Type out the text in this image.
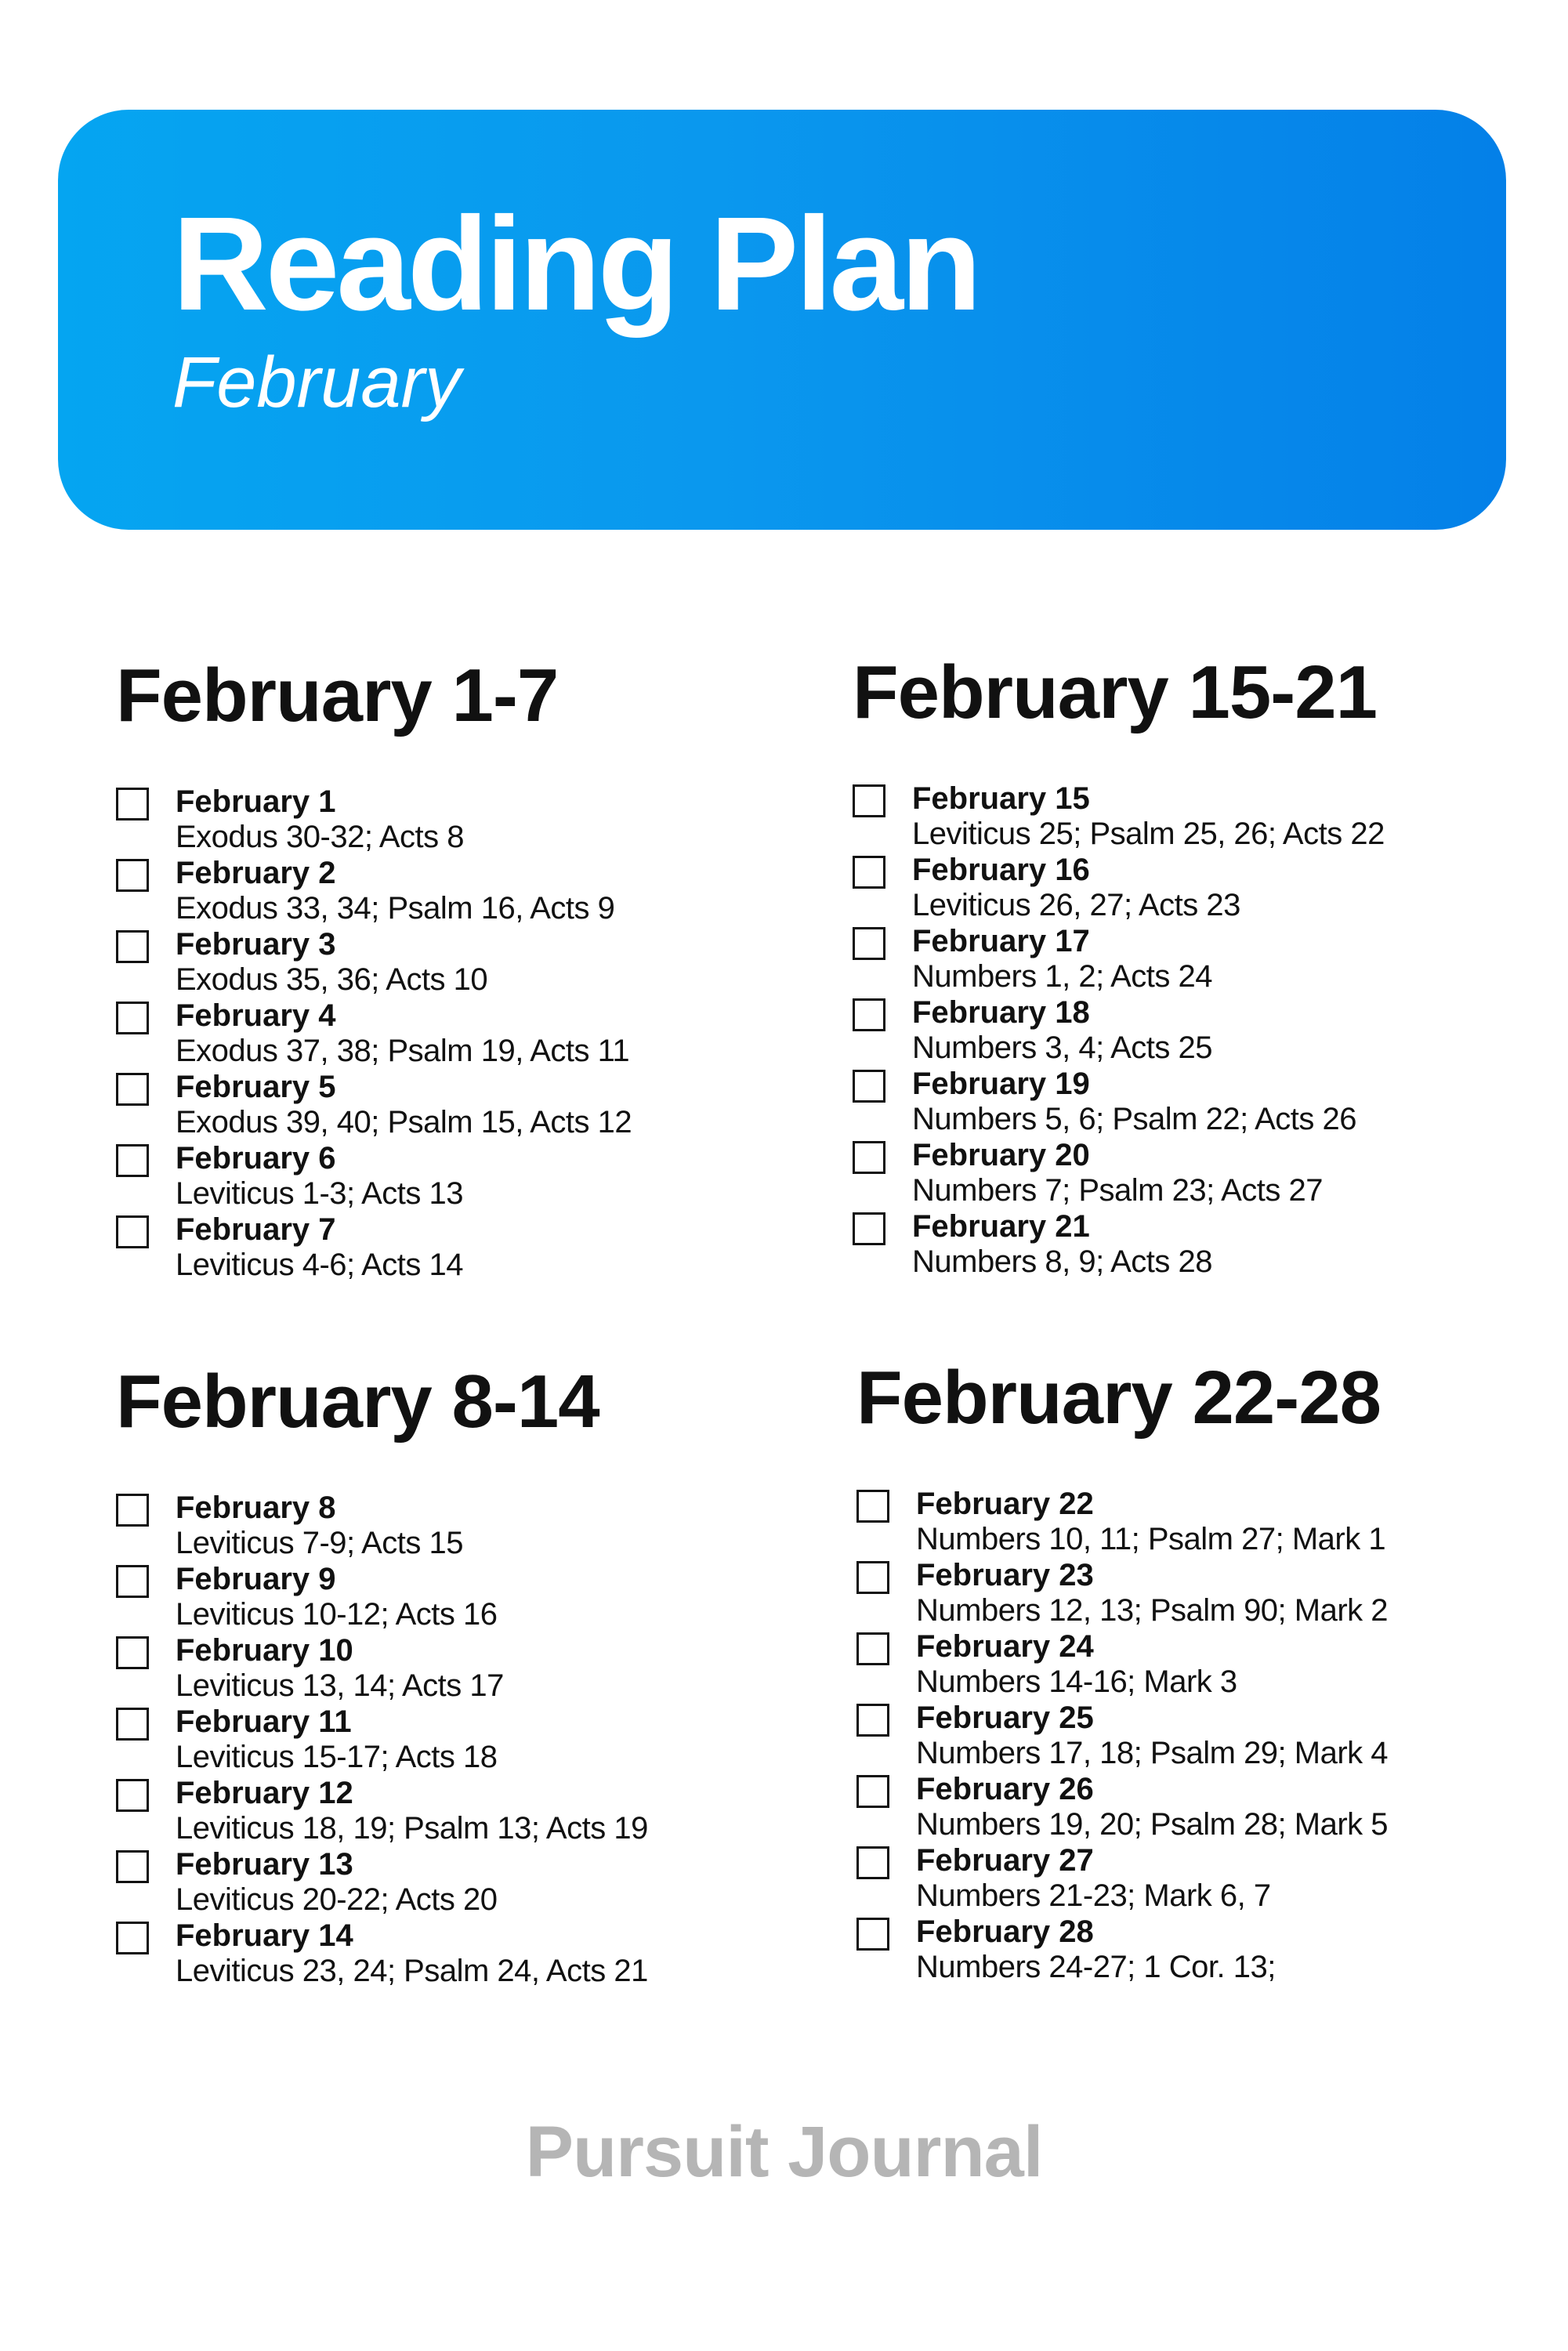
Reading Plan

February

February 1-7
February 1
Exodus 30-32; Acts 8
February 2
Exodus 33, 34; Psalm 16, Acts 9
February 3
Exodus 35, 36; Acts 10
February 4
Exodus 37, 38; Psalm 19, Acts 11
February 5
Exodus 39, 40; Psalm 15, Acts 12
February 6
Leviticus 1-3; Acts 13
February 7
Leviticus 4-6; Acts 14
February 15-21
February 15
Leviticus 25; Psalm 25, 26; Acts 22
February 16
Leviticus 26, 27; Acts 23
February 17
Numbers 1, 2; Acts 24
February 18
Numbers 3, 4; Acts 25
February 19
Numbers 5, 6; Psalm 22; Acts 26
February 20
Numbers 7; Psalm 23; Acts 27
February 21
Numbers 8, 9; Acts 28
February 8-14
February 8
Leviticus 7-9; Acts 15
February 9
Leviticus 10-12; Acts 16
February 10
Leviticus 13, 14; Acts 17
February 11
Leviticus 15-17; Acts 18
February 12
Leviticus 18, 19; Psalm 13; Acts 19
February 13
Leviticus 20-22; Acts 20
February 14
Leviticus 23, 24; Psalm 24, Acts 21
February 22-28
February 22
Numbers 10, 11; Psalm 27; Mark 1
February 23
Numbers 12, 13; Psalm 90; Mark 2
February 24
Numbers 14-16; Mark 3
February 25
Numbers 17, 18; Psalm 29; Mark 4
February 26
Numbers 19, 20; Psalm 28; Mark 5
February 27
Numbers 21-23; Mark 6, 7
February 28
Numbers 24-27; 1 Cor. 13;
Pursuit Journal
